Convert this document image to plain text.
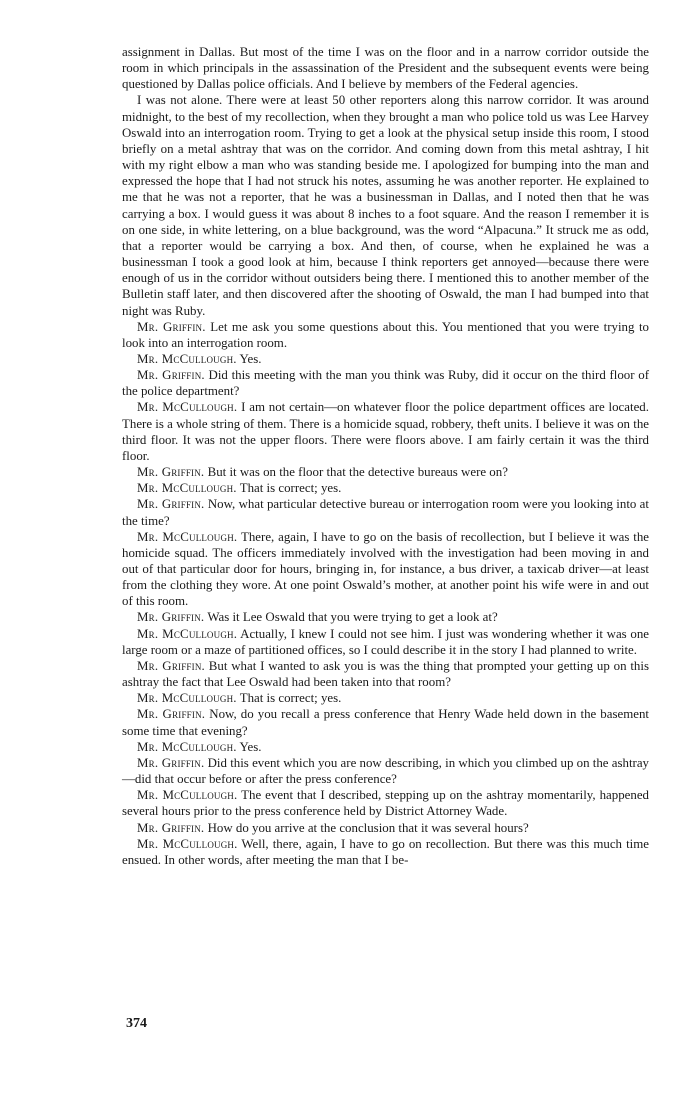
assignment in Dallas. But most of the time I was on the floor and in a narrow corridor outside the room in which principals in the assassination of the President and the subsequent events were being questioned by Dallas police officials. And I believe by members of the Federal agencies.

I was not alone. There were at least 50 other reporters along this narrow corridor. It was around midnight, to the best of my recollection, when they brought a man who police told us was Lee Harvey Oswald into an interrogation room. Trying to get a look at the physical setup inside this room, I stood briefly on a metal ashtray that was on the corridor. And coming down from this metal ashtray, I hit with my right elbow a man who was standing beside me. I apologized for bumping into the man and expressed the hope that I had not struck his notes, assuming he was another reporter. He explained to me that he was not a reporter, that he was a businessman in Dallas, and I noted then that he was carrying a box. I would guess it was about 8 inches to a foot square. And the reason I remember it is on one side, in white lettering, on a blue background, was the word “Alpacuna.” It struck me as odd, that a reporter would be carrying a box. And then, of course, when he explained he was a businessman I took a good look at him, because I think reporters get annoyed—because there were enough of us in the corridor without outsiders being there. I mentioned this to another member of the Bulletin staff later, and then discovered after the shooting of Oswald, the man I had bumped into that night was Ruby.

Mr. Griffin. Let me ask you some questions about this. You mentioned that you were trying to look into an interrogation room.

Mr. McCullough. Yes.

Mr. Griffin. Did this meeting with the man you think was Ruby, did it occur on the third floor of the police department?

Mr. McCullough. I am not certain—on whatever floor the police department offices are located. There is a whole string of them. There is a homicide squad, robbery, theft units. I believe it was on the third floor. It was not the upper floors. There were floors above. I am fairly certain it was the third floor.

Mr. Griffin. But it was on the floor that the detective bureaus were on?

Mr. McCullough. That is correct; yes.

Mr. Griffin. Now, what particular detective bureau or interrogation room were you looking into at the time?

Mr. McCullough. There, again, I have to go on the basis of recollection, but I believe it was the homicide squad. The officers immediately involved with the investigation had been moving in and out of that particular door for hours, bringing in, for instance, a bus driver, a taxicab driver—at least from the clothing they wore. At one point Oswald’s mother, at another point his wife were in and out of this room.

Mr. Griffin. Was it Lee Oswald that you were trying to get a look at?

Mr. McCullough. Actually, I knew I could not see him. I just was wondering whether it was one large room or a maze of partitioned offices, so I could describe it in the story I had planned to write.

Mr. Griffin. But what I wanted to ask you is was the thing that prompted your getting up on this ashtray the fact that Lee Oswald had been taken into that room?

Mr. McCullough. That is correct; yes.

Mr. Griffin. Now, do you recall a press conference that Henry Wade held down in the basement some time that evening?

Mr. McCullough. Yes.

Mr. Griffin. Did this event which you are now describing, in which you climbed up on the ashtray—did that occur before or after the press conference?

Mr. McCullough. The event that I described, stepping up on the ashtray momentarily, happened several hours prior to the press conference held by District Attorney Wade.

Mr. Griffin. How do you arrive at the conclusion that it was several hours?

Mr. McCullough. Well, there, again, I have to go on recollection. But there was this much time ensued. In other words, after meeting the man that I be-

374
